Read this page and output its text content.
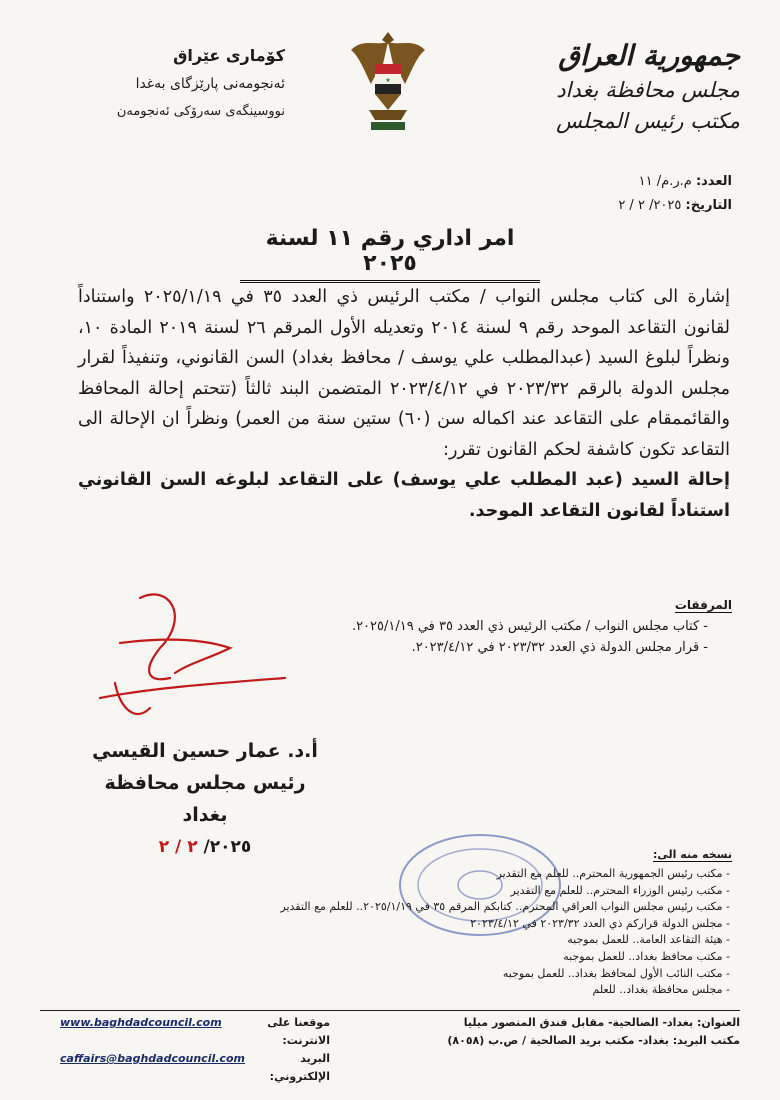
كۆماری عێراق
ئەنجومەنی پارێزگای بەغدا
نووسینگەی سەرۆکی ئەنجومەن
★
جمهورية العراق
مجلس محافظة بغداد
مكتب رئيس المجلس
العدد: م.ر.م/ ١١
التاريخ: ٢٠٢٥/ ٢ / ٢
امر اداري رقم ١١ لسنة ٢٠٢٥
إشارة الى كتاب مجلس النواب / مكتب الرئيس ذي العدد ٣٥ في ٢٠٢٥/١/١٩ واستناداً لقانون التقاعد الموحد رقم ٩ لسنة ٢٠١٤ وتعديله الأول المرقم ٢٦ لسنة ٢٠١٩ المادة ١٠، ونظراً لبلوغ السيد (عبدالمطلب علي يوسف / محافظ بغداد) السن القانوني، وتنفيذاً لقرار مجلس الدولة بالرقم ٢٠٢٣/٣٢ في ٢٠٢٣/٤/١٢ المتضمن البند ثالثاً (تتحتم إحالة المحافظ والقائممقام على التقاعد عند اكماله سن (٦٠) ستين سنة من العمر) ونظراً ان الإحالة الى التقاعد تكون كاشفة لحكم القانون تقرر:
إحالة السيد (عبد المطلب علي يوسف) على التقاعد لبلوغه السن القانوني استناداً لقانون التقاعد الموحد.
المرفقات
- كتاب مجلس النواب / مكتب الرئيس ذي العدد ٣٥ في ٢٠٢٥/١/١٩.
- قرار مجلس الدولة ذي العدد ٢٠٢٣/٣٢ في ٢٠٢٣/٤/١٢.
أ.د. عمار حسين القيسي
رئيس مجلس محافظة بغداد
٢٠٢٥/ ٢ / ٢	نسخه منه الى:
- مكتب رئيس الجمهورية المحترم.. للعلم مع التقدير
- مكتب رئيس الوزراء المحترم.. للعلم مع التقدير
- مكتب رئيس مجلس النواب العراقي المحترم.. كتابكم المرقم ٣٥ في ٢٠٢٥/١/١٩.. للعلم مع التقدير
- مجلس الدولة قراركم ذي العدد ٢٠٢٣/٣٢ في ٢٠٢٣/٤/١٢
- هيئة التقاعد العامة.. للعمل بموجبه
- مكتب محافظ بغداد.. للعمل بموجبه
- مكتب النائب الأول لمحافظ بغداد.. للعمل بموجبه
- مجلس محافظة بغداد.. للعلم
العنوان: بغداد- الصالحية- مقابل فندق المنصور ميليا
مكتب البريد: بغداد- مكتب بريد الصالحية / ص.ب (٨٠٥٨)
www.baghdadcouncil.com	موقعنا على الانترنت:
caffairs@baghdadcouncil.com	البريد الإلكتروني:
